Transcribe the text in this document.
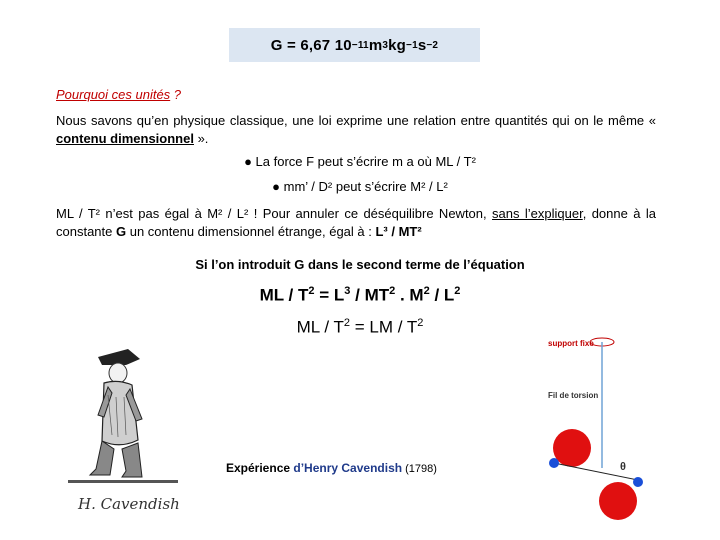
G = 6,67 10 −11 m 3 kg −1 s −2
Pourquoi ces unités ?
Nous savons qu’en physique classique, une loi exprime une relation entre quantités qui on le même « contenu dimensionnel ».
● La force F peut s’écrire m a où ML / T²
● mm’ / D² peut s’écrire M² / L²
ML / T² n’est pas égal à M² / L² ! Pour annuler ce déséquilibre Newton, sans l’expliquer, donne à la constante G un contenu dimensionnel étrange, égal à : L³ / MT²
Si l’on introduit G dans le second terme de l’équation
ML / $T^2 = L^3 / MT^2$ . $M^2 / L^2$
ML / $T^2$ = LM / $T^2$
H. Cavendish
Expérience d’Henry Cavendish (1798)
support fixe
Fil de torsion
θ
